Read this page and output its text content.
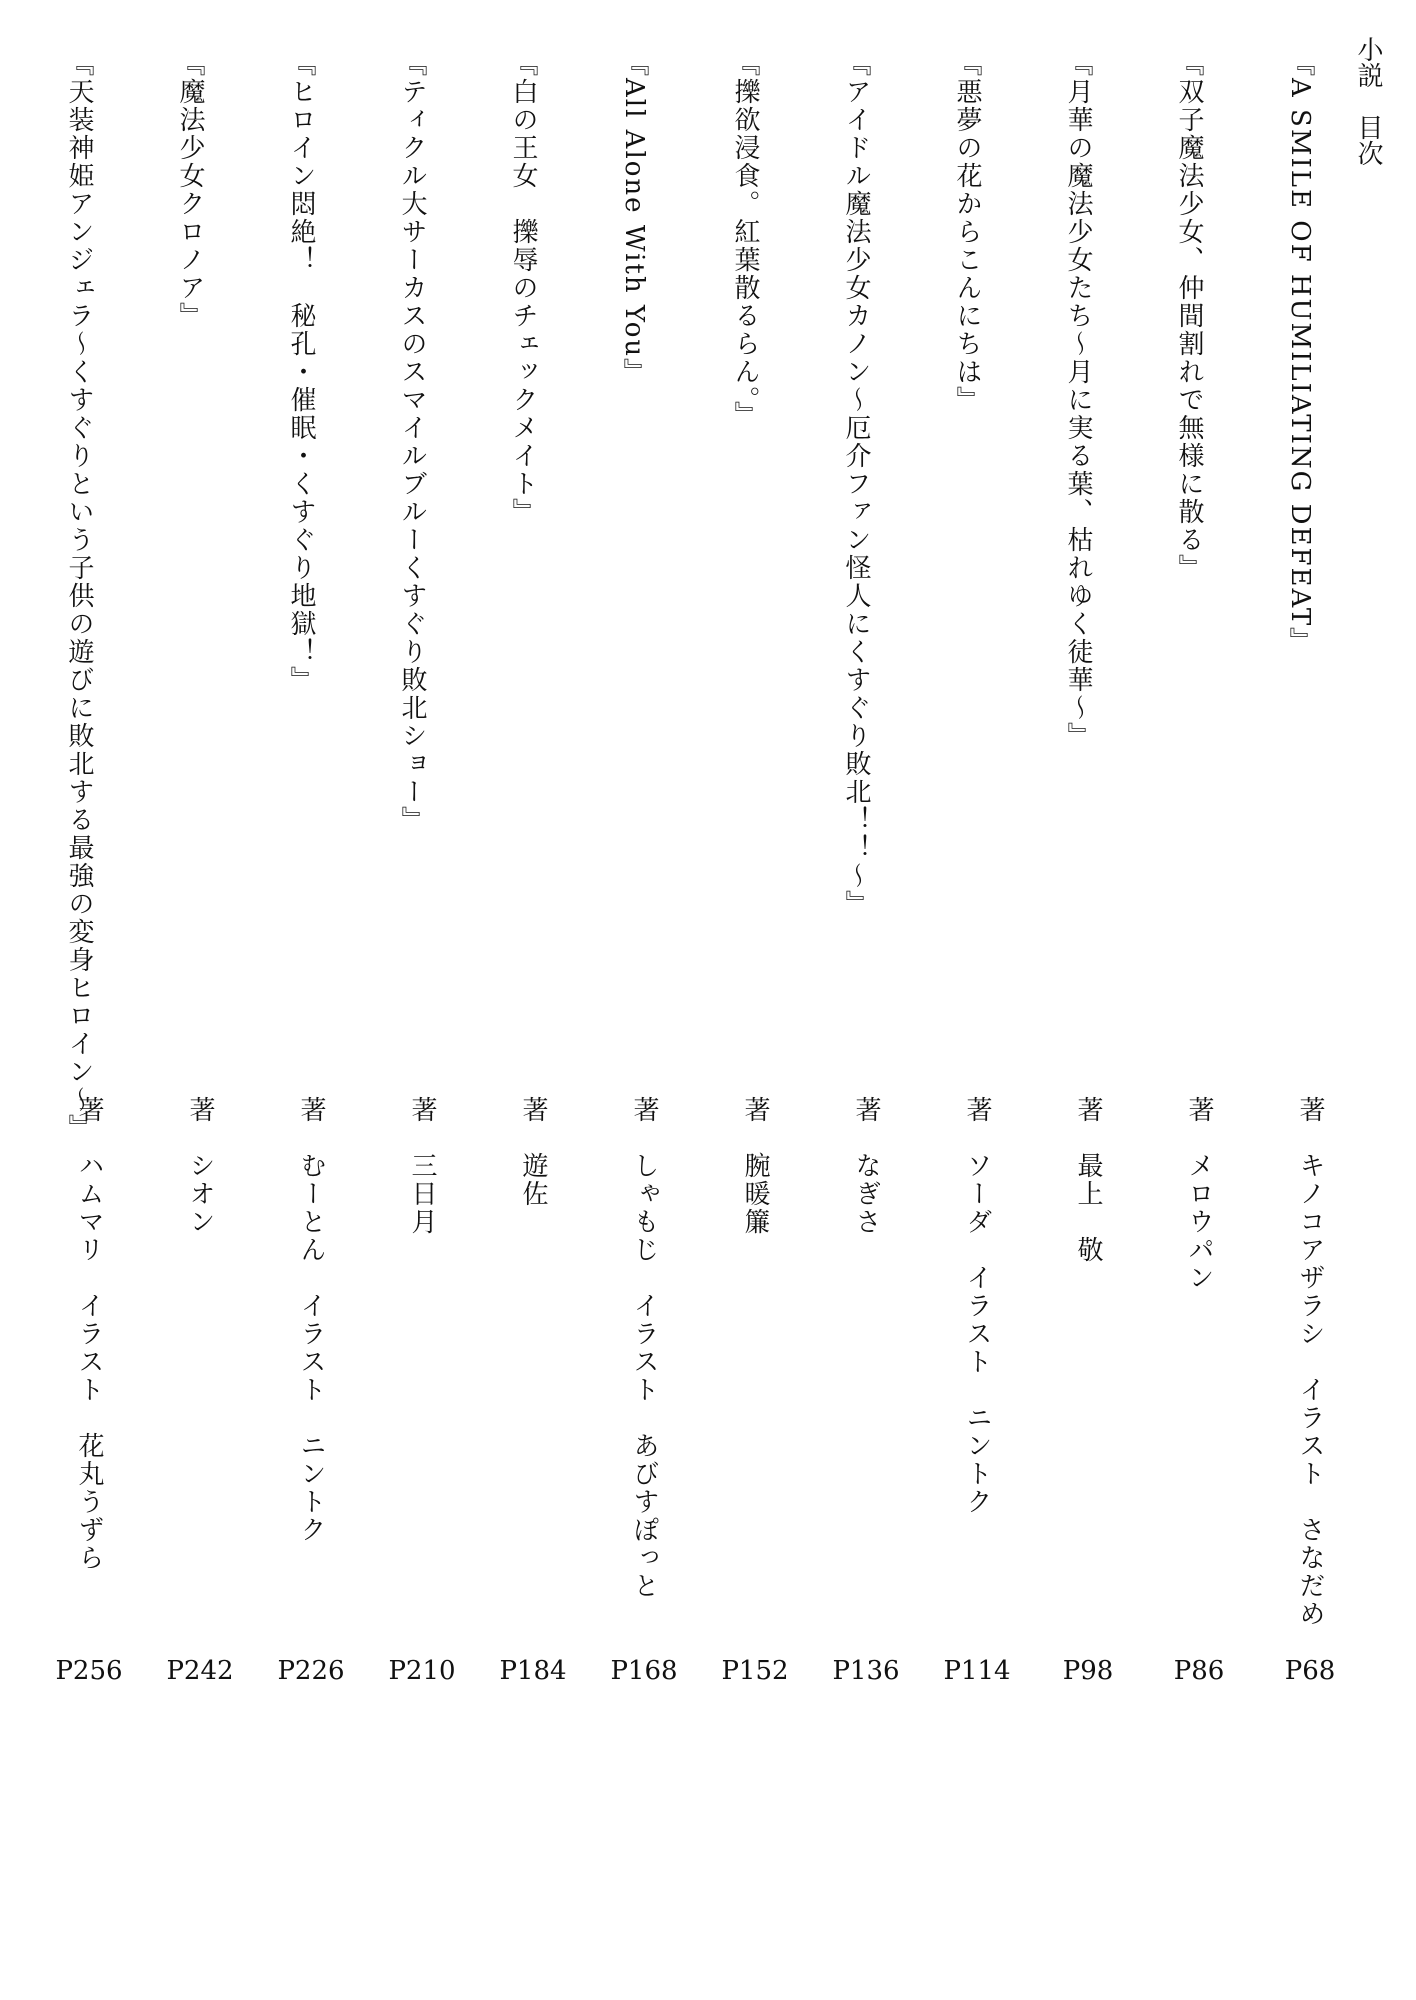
小説　目次
『A SMILE OF HUMILIATING DEFEAT』
『双子魔法少女、仲間割れで無様に散る』
『月華の魔法少女たち～月に実る葉、枯れゆく徒華～』
『悪夢の花からこんにちは』
『アイドル魔法少女カノン～厄介ファン怪人にくすぐり敗北！！～』
『擽欲浸食。紅葉散るらん。』
『All Alone With You』
『白の王女　擽辱のチェックメイト』
『ティクル大サーカスのスマイルブルーくすぐり敗北ショー』
『ヒロイン悶絶！　秘孔・催眠・くすぐり地獄！』
『魔法少女クロノア』
『天装神姫アンジェラ～くすぐりという子供の遊びに敗北する最強の変身ヒロイン～』
著　キノコアザラシ　イラスト　さなだめ
著　メロウパン
著　最上　敬
著　ソーダ　イラスト　ニントク
著　なぎさ
著　腕暖簾
著　しゃもじ　イラスト　あびすぽっと
著　遊佐
著　三日月
著　むーとん　イラスト　ニントク
著　シオン
著　ハムマリ　イラスト　花丸うずら
P68
P86
P98
P114
P136
P152
P168
P184
P210
P226
P242
P256
